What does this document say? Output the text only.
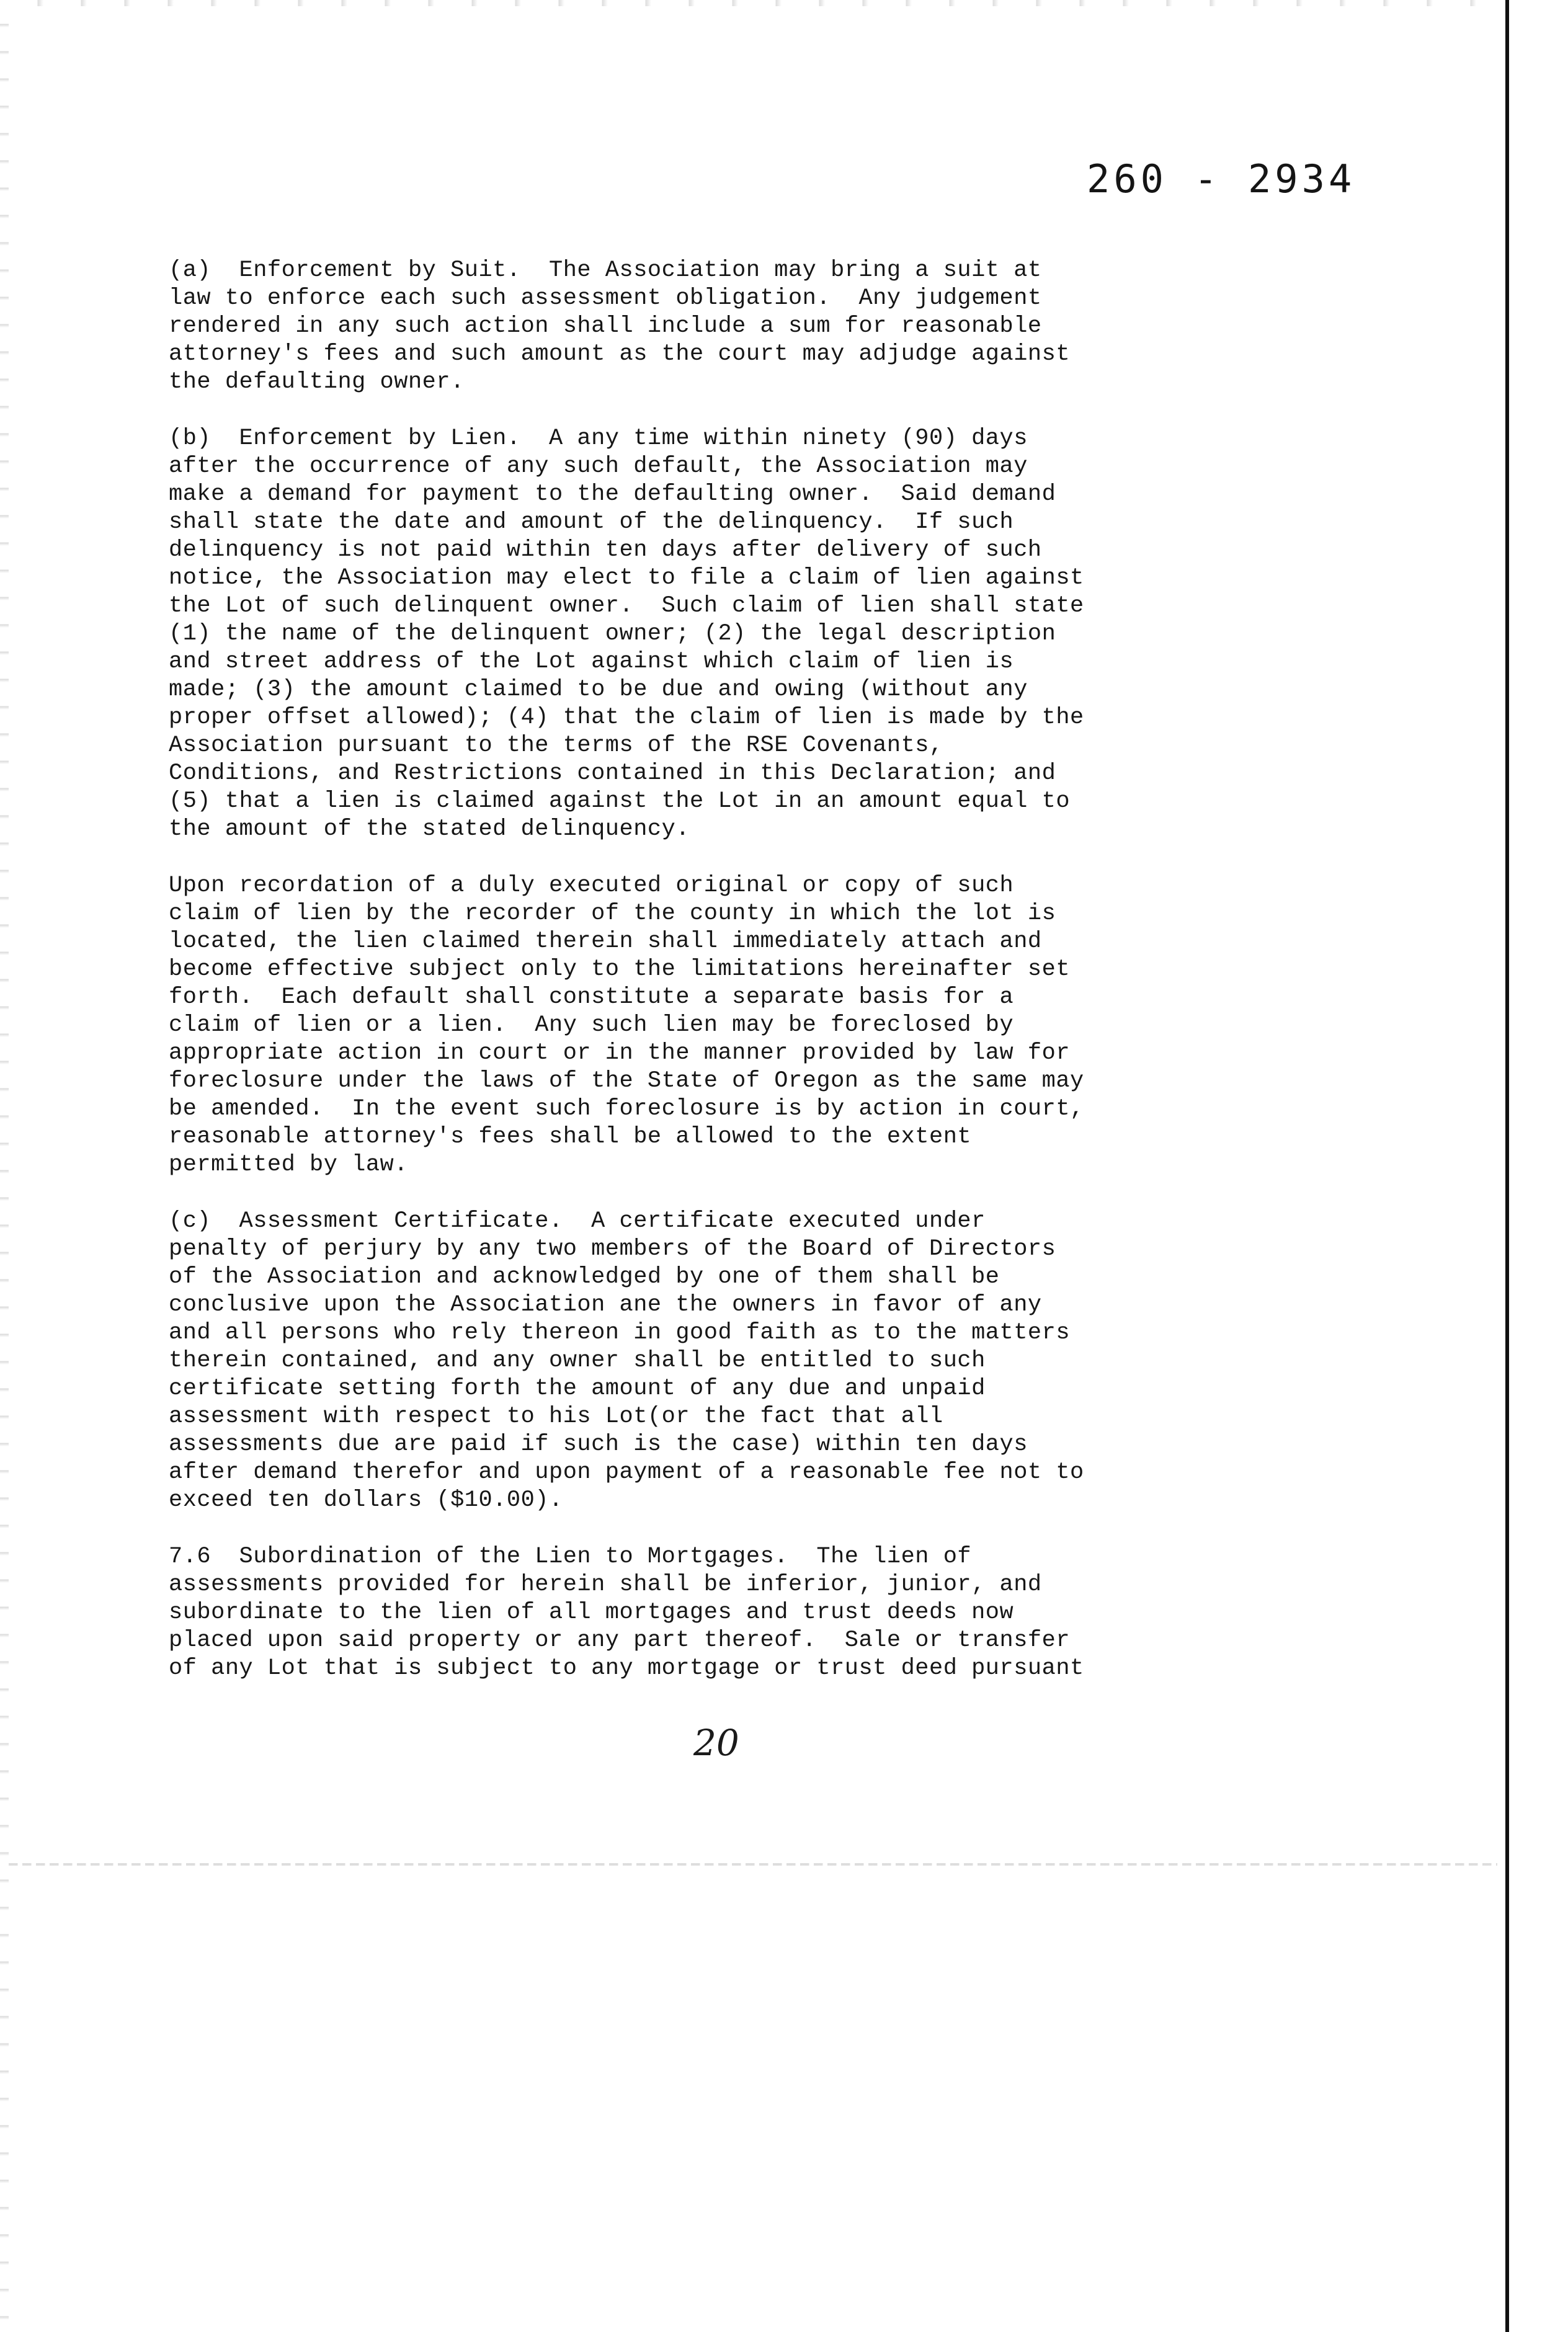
260 - 2934

(a)  Enforcement by Suit.  The Association may bring a suit at
law to enforce each such assessment obligation.  Any judgement
rendered in any such action shall include a sum for reasonable
attorney's fees and such amount as the court may adjudge against
the defaulting owner.

(b)  Enforcement by Lien.  A any time within ninety (90) days
after the occurrence of any such default, the Association may
make a demand for payment to the defaulting owner.  Said demand
shall state the date and amount of the delinquency.  If such
delinquency is not paid within ten days after delivery of such
notice, the Association may elect to file a claim of lien against
the Lot of such delinquent owner.  Such claim of lien shall state
(1) the name of the delinquent owner; (2) the legal description
and street address of the Lot against which claim of lien is
made; (3) the amount claimed to be due and owing (without any
proper offset allowed); (4) that the claim of lien is made by the
Association pursuant to the terms of the RSE Covenants,
Conditions, and Restrictions contained in this Declaration; and
(5) that a lien is claimed against the Lot in an amount equal to
the amount of the stated delinquency.

Upon recordation of a duly executed original or copy of such
claim of lien by the recorder of the county in which the lot is
located, the lien claimed therein shall immediately attach and
become effective subject only to the limitations hereinafter set
forth.  Each default shall constitute a separate basis for a
claim of lien or a lien.  Any such lien may be foreclosed by
appropriate action in court or in the manner provided by law for
foreclosure under the laws of the State of Oregon as the same may
be amended.  In the event such foreclosure is by action in court,
reasonable attorney's fees shall be allowed to the extent
permitted by law.

(c)  Assessment Certificate.  A certificate executed under
penalty of perjury by any two members of the Board of Directors
of the Association and acknowledged by one of them shall be
conclusive upon the Association ane the owners in favor of any
and all persons who rely thereon in good faith as to the matters
therein contained, and any owner shall be entitled to such
certificate setting forth the amount of any due and unpaid
assessment with respect to his Lot(or the fact that all
assessments due are paid if such is the case) within ten days
after demand therefor and upon payment of a reasonable fee not to
exceed ten dollars ($10.00).

7.6  Subordination of the Lien to Mortgages.  The lien of
assessments provided for herein shall be inferior, junior, and
subordinate to the lien of all mortgages and trust deeds now
placed upon said property or any part thereof.  Sale or transfer
of any Lot that is subject to any mortgage or trust deed pursuant

20
